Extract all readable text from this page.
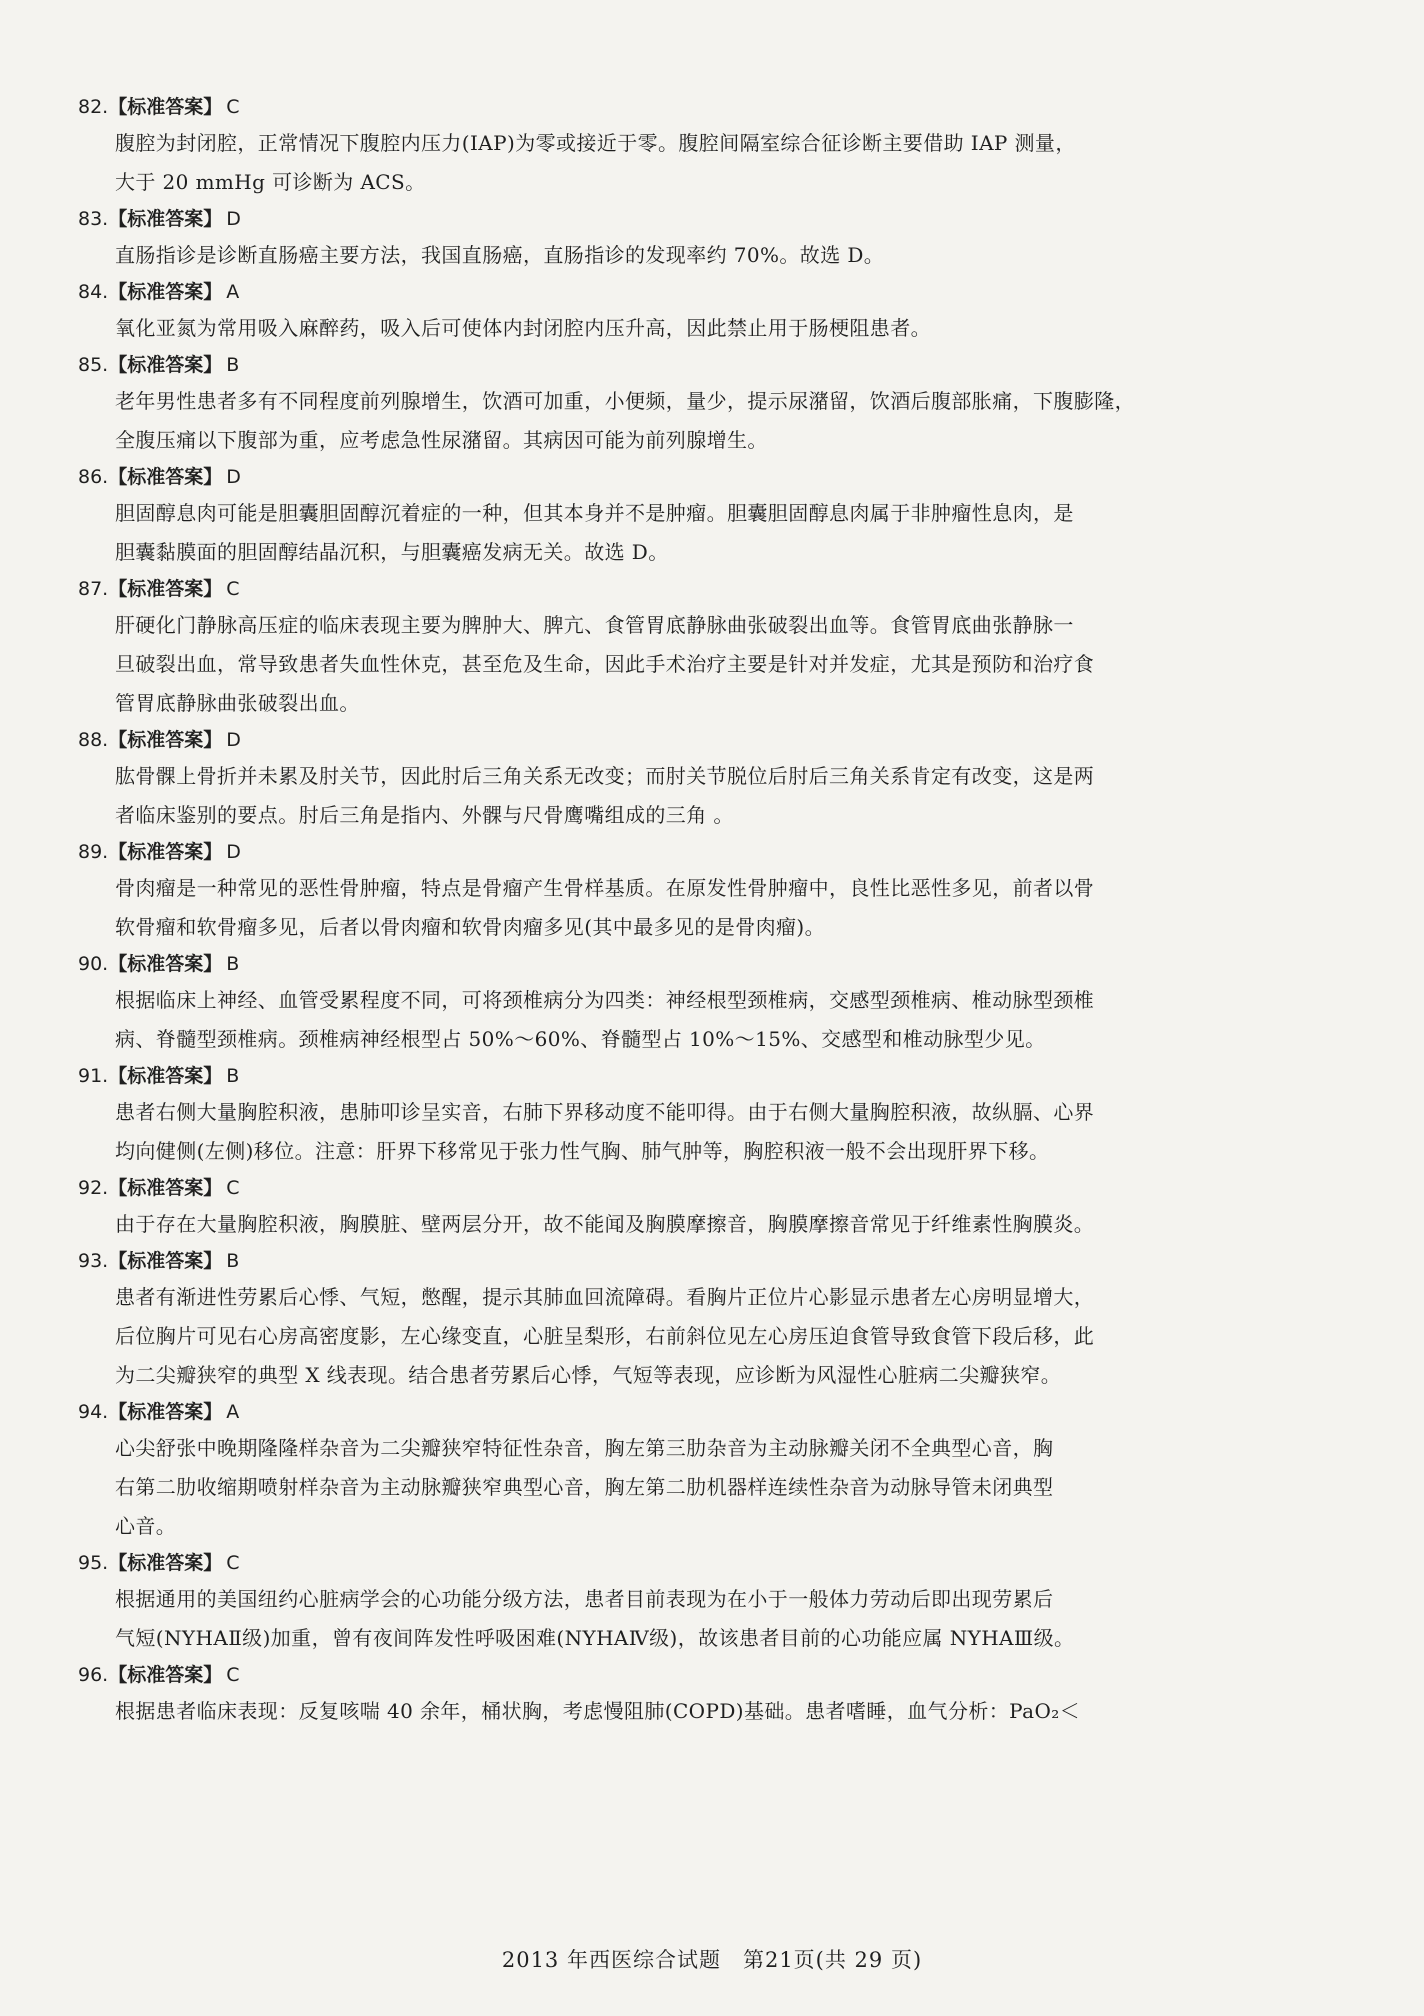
82.【标准答案】 C

腹腔为封闭腔，正常情况下腹腔内压力(IAP)为零或接近于零。腹腔间隔室综合征诊断主要借助 IAP 测量，

大于 20 mmHg 可诊断为 ACS。

83.【标准答案】 D

直肠指诊是诊断直肠癌主要方法，我国直肠癌，直肠指诊的发现率约 70%。故选 D。

84.【标准答案】 A

氧化亚氮为常用吸入麻醉药，吸入后可使体内封闭腔内压升高，因此禁止用于肠梗阻患者。

85.【标准答案】 B

老年男性患者多有不同程度前列腺增生，饮酒可加重，小便频，量少，提示尿潴留，饮酒后腹部胀痛，下腹膨隆，

全腹压痛以下腹部为重，应考虑急性尿潴留。其病因可能为前列腺增生。

86.【标准答案】 D

胆固醇息肉可能是胆囊胆固醇沉着症的一种，但其本身并不是肿瘤。胆囊胆固醇息肉属于非肿瘤性息肉，是

胆囊黏膜面的胆固醇结晶沉积，与胆囊癌发病无关。故选 D。

87.【标准答案】 C

肝硬化门静脉高压症的临床表现主要为脾肿大、脾亢、食管胃底静脉曲张破裂出血等。食管胃底曲张静脉一

旦破裂出血，常导致患者失血性休克，甚至危及生命，因此手术治疗主要是针对并发症，尤其是预防和治疗食

管胃底静脉曲张破裂出血。

88.【标准答案】 D

肱骨髁上骨折并未累及肘关节，因此肘后三角关系无改变；而肘关节脱位后肘后三角关系肯定有改变，这是两

者临床鉴别的要点。肘后三角是指内、外髁与尺骨鹰嘴组成的三角 。

89.【标准答案】 D

骨肉瘤是一种常见的恶性骨肿瘤，特点是骨瘤产生骨样基质。在原发性骨肿瘤中，良性比恶性多见，前者以骨

软骨瘤和软骨瘤多见，后者以骨肉瘤和软骨肉瘤多见(其中最多见的是骨肉瘤)。

90.【标准答案】 B

根据临床上神经、血管受累程度不同，可将颈椎病分为四类：神经根型颈椎病，交感型颈椎病、椎动脉型颈椎

病、脊髓型颈椎病。颈椎病神经根型占 50%～60%、脊髓型占 10%～15%、交感型和椎动脉型少见。

91.【标准答案】 B

患者右侧大量胸腔积液，患肺叩诊呈实音，右肺下界移动度不能叩得。由于右侧大量胸腔积液，故纵膈、心界

均向健侧(左侧)移位。注意：肝界下移常见于张力性气胸、肺气肿等，胸腔积液一般不会出现肝界下移。

92.【标准答案】 C

由于存在大量胸腔积液，胸膜脏、壁两层分开，故不能闻及胸膜摩擦音，胸膜摩擦音常见于纤维素性胸膜炎。

93.【标准答案】 B

患者有渐进性劳累后心悸、气短，憋醒，提示其肺血回流障碍。看胸片正位片心影显示患者左心房明显增大，

后位胸片可见右心房高密度影，左心缘变直，心脏呈梨形，右前斜位见左心房压迫食管导致食管下段后移，此

为二尖瓣狭窄的典型 X 线表现。结合患者劳累后心悸，气短等表现，应诊断为风湿性心脏病二尖瓣狭窄。

94.【标准答案】 A

心尖舒张中晚期隆隆样杂音为二尖瓣狭窄特征性杂音，胸左第三肋杂音为主动脉瓣关闭不全典型心音，胸

右第二肋收缩期喷射样杂音为主动脉瓣狭窄典型心音，胸左第二肋机器样连续性杂音为动脉导管未闭典型

心音。

95.【标准答案】 C

根据通用的美国纽约心脏病学会的心功能分级方法，患者目前表现为在小于一般体力劳动后即出现劳累后

气短(NYHAⅡ级)加重，曾有夜间阵发性呼吸困难(NYHAⅣ级)，故该患者目前的心功能应属 NYHAⅢ级。

96.【标准答案】 C

根据患者临床表现：反复咳喘 40 余年，桶状胸，考虑慢阻肺(COPD)基础。患者嗜睡，血气分析：PaO₂＜

2013 年西医综合试题　第21页(共 29 页)
